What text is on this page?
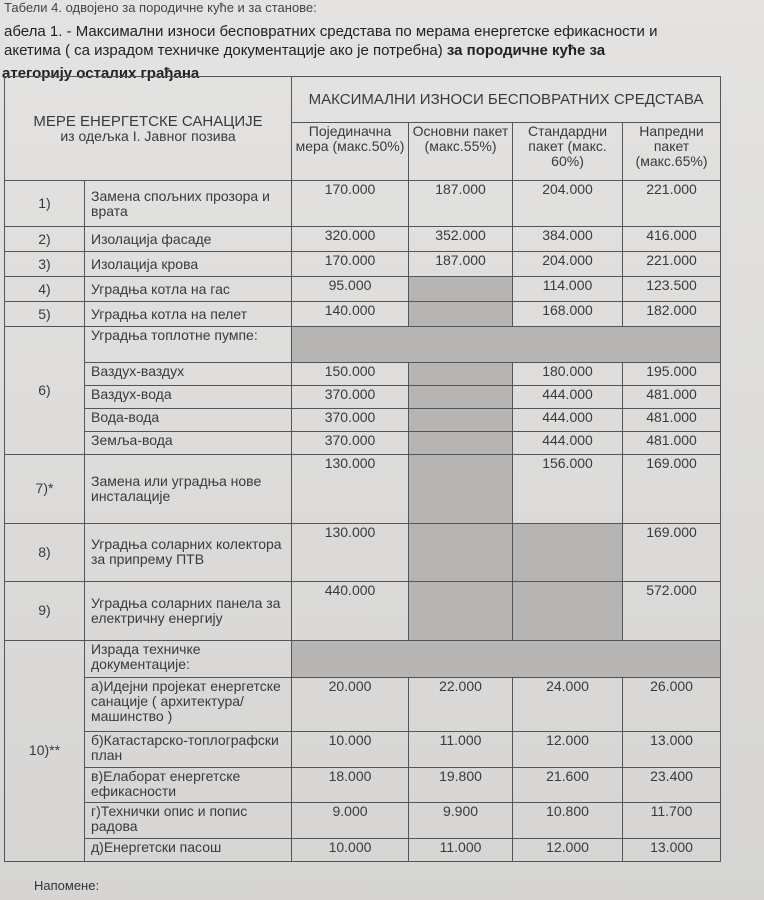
Табели 4. одвојено за породичне куће и за станове:
абела 1. - Максимални износи бесповратних средстава по мерама енергетске ефикасности и
акетима ( са израдом техничке документације ако је потребна) за породичне куће за
атегорију осталих грађана
МЕРЕ ЕНЕРГЕТСКЕ САНАЦИЈЕ
из одељка I. Јавног позива		МАКСИМАЛНИ ИЗНОСИ БЕСПОВРАТНИХ СРЕДСТАВА			
		Појединачна мера (макс.50%)	Основни пакет (макс.55%)	Стандардни пакет (макс. 60%)	Напредни пакет (макс.65%)
1)	Замена спољних прозора и врата	170.000	187.000	204.000	221.000
2)	Изолација фасаде	320.000	352.000	384.000	416.000
3)	Изолација крова	170.000	187.000	204.000	221.000
4)	Уградња котла на гас	95.000		114.000	123.500
5)	Уградња котла на пелет	140.000		168.000	182.000
6)	Уградња топлотне пумпе:				
	Ваздух-ваздух	150.000		180.000	195.000
	Ваздух-вода	370.000		444.000	481.000
	Вода-вода	370.000		444.000	481.000
	Земља-вода	370.000		444.000	481.000
7)*	Замена или уградња нове инсталације	130.000		156.000	169.000
8)	Уградња соларних колектора за припрему ПТВ	130.000			169.000
9)	Уградња соларних панела за електричну енергију	440.000			572.000
10)**	Израда техничке документације:				
	а)Идејни пројекат енергетске санације ( архитектура/машинство )	20.000	22.000	24.000	26.000
	б)Катастарско-топлографски план	10.000	11.000	12.000	13.000
	в)Елаборат енергетске ефикасности	18.000	19.800	21.600	23.400
	г)Технички опис и попис радова	9.000	9.900	10.800	11.700
	д)Енергетски пасош	10.000	11.000	12.000	13.000
Напомене:
